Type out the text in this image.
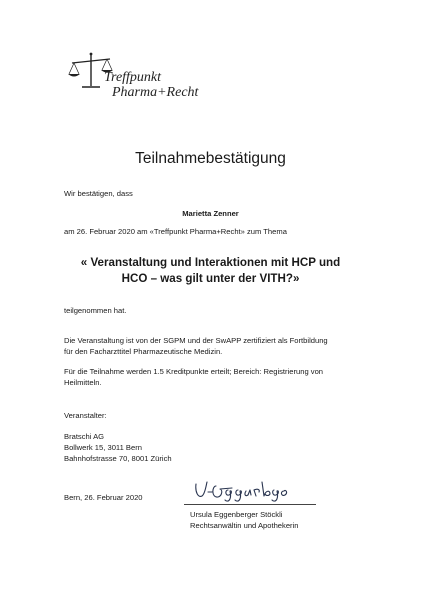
Treffpunkt
Pharma+Recht
Teilnahmebestätigung
Wir bestätigen, dass
Marietta Zenner
am 26. Februar 2020 am «Treffpunkt Pharma+Recht» zum Thema
« Veranstaltung und Interaktionen mit HCP und
HCO – was gilt unter der VITH?»
teilgenommen hat.
Die Veranstaltung ist von der SGPM und der SwAPP zertifiziert als Fortbildung
für den Facharzttitel Pharmazeutische Medizin.
Für die Teilnahme werden 1.5 Kreditpunkte erteilt; Bereich: Registrierung von
Heilmitteln.
Veranstalter:
Bratschi AG
Bollwerk 15, 3011 Bern
Bahnhofstrasse 70, 8001 Zürich
Bern, 26. Februar 2020
Ursula Eggenberger Stöckli
Rechtsanwältin und Apothekerin
